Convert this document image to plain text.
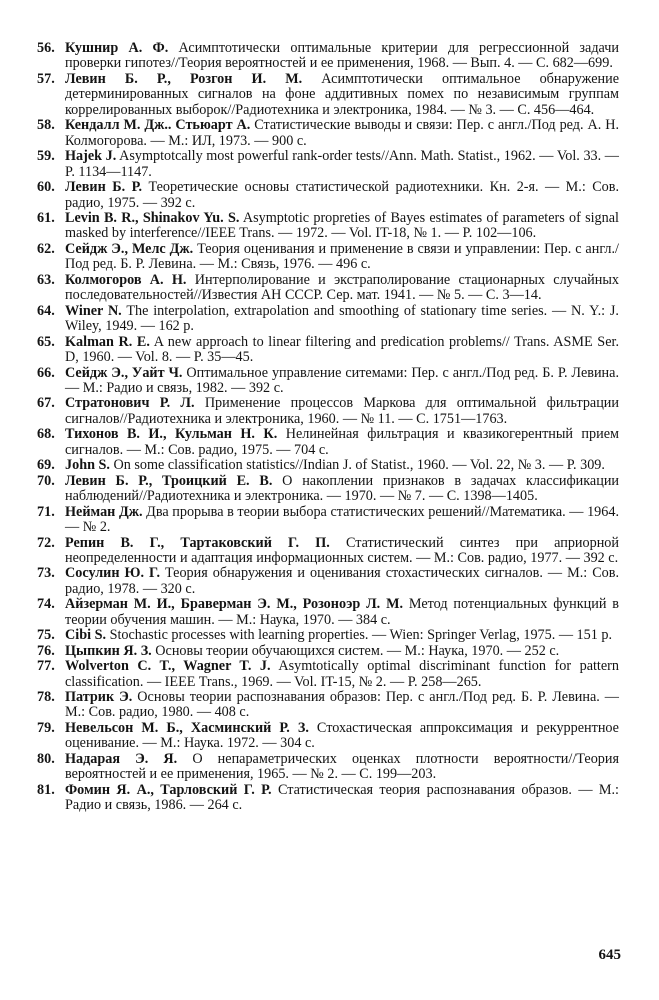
56. Кушнир А. Ф. Асимптотически оптимальные критерии для регрессионной задачи проверки гипотез//Теория вероятностей и ее применения, 1968. — Вып. 4. — С. 682—699.
57. Левин Б. Р., Розгон И. М. Асимптотически оптимальное обнаружение детерминированных сигналов на фоне аддитивных помех по независимым группам коррелированных выборок//Радиотехника и электроника, 1984. — № 3. — С. 456—464.
58. Кендалл М. Дж.. Стьюарт А. Статистические выводы и связи: Пер. с англ./Под ред. А. Н. Колмогорова. — М.: ИЛ, 1973. — 900 с.
59. Hajek J. Asymptotcally most powerful rank-order tests//Ann. Math. Statist., 1962. — Vol. 33. — P. 1134—1147.
60. Левин Б. Р. Теоретические основы статистической радиотехники. Кн. 2-я. — М.: Сов. радио, 1975. — 392 с.
61. Levin B. R., Shinakov Yu. S. Asymptotic propreties of Bayes estimates of parameters of signal masked by interference//IEEE Trans. — 1972. — Vol. IT-18, № 1. — P. 102—106.
62. Сейдж Э., Мелс Дж. Теория оценивания и применение в связи и управлении: Пер. с англ./Под ред. Б. Р. Левина. — М.: Связь, 1976. — 496 с.
63. Колмогоров А. Н. Интерполирование и экстраполирование стационарных случайных последовательностей//Известия АН СССР. Сер. мат. 1941. — № 5. — С. 3—14.
64. Winer N. The interpolation, extrapolation and smoothing of stationary time series. — N. Y.: J. Wiley, 1949. — 162 p.
65. Kalman R. E. A new approach to linear filtering and predication problems// Trans. ASME Ser. D, 1960. — Vol. 8. — P. 35—45.
66. Сейдж Э., Уайт Ч. Оптимальное управление ситемами: Пер. с англ./Под ред. Б. Р. Левина. — М.: Радио и связь, 1982. — 392 с.
67. Стратонович Р. Л. Применение процессов Маркова для оптимальной фильтрации сигналов//Радиотехника и электроника, 1960. — № 11. — С. 1751—1763.
68. Тихонов В. И., Кульман Н. К. Нелинейная фильтрация и квазикогерентный прием сигналов. — М.: Сов. радио, 1975. — 704 с.
69. John S. On some classification statistics//Indian J. of Statist., 1960. — Vol. 22, № 3. — P. 309.
70. Левин Б. Р., Троицкий Е. В. О накоплении признаков в задачах классификации наблюдений//Радиотехника и электроника. — 1970. — № 7. — С. 1398—1405.
71. Нейман Дж. Два прорыва в теории выбора статистических решений//Математика. — 1964. — № 2.
72. Репин В. Г., Тартаковский Г. П. Статистический синтез при априорной неопределенности и адаптация информационных систем. — М.: Сов. радио, 1977. — 392 с.
73. Сосулин Ю. Г. Теория обнаружения и оценивания стохастических сигналов. — М.: Сов. радио, 1978. — 320 с.
74. Айзерман М. И., Браверман Э. М., Розоноэр Л. М. Метод потенциальных функций в теории обучения машин. — М.: Наука, 1970. — 384 с.
75. Cibi S. Stochastic processes with learning properties. — Wien: Springer Verlag, 1975. — 151 p.
76. Цыпкин Я. З. Основы теории обучающихся систем. — М.: Наука, 1970. — 252 с.
77. Wolverton C. T., Wagner T. J. Asymtotically optimal discriminant function for pattern classification. — IEEE Trans., 1969. — Vol. IT-15, № 2. — P. 258—265.
78. Патрик Э. Основы теории распознавания образов: Пер. с англ./Под ред. Б. Р. Левина. — М.: Сов. радио, 1980. — 408 с.
79. Невельсон М. Б., Хасминский Р. З. Стохастическая аппроксимация и рекуррентное оценивание. — М.: Наука. 1972. — 304 с.
80. Надарая Э. Я. О непараметрических оценках плотности вероятности//Теория вероятностей и ее применения, 1965. — № 2. — С. 199—203.
81. Фомин Я. А., Тарловский Г. Р. Статистическая теория распознавания образов. — М.: Радио и связь, 1986. — 264 с.
645
